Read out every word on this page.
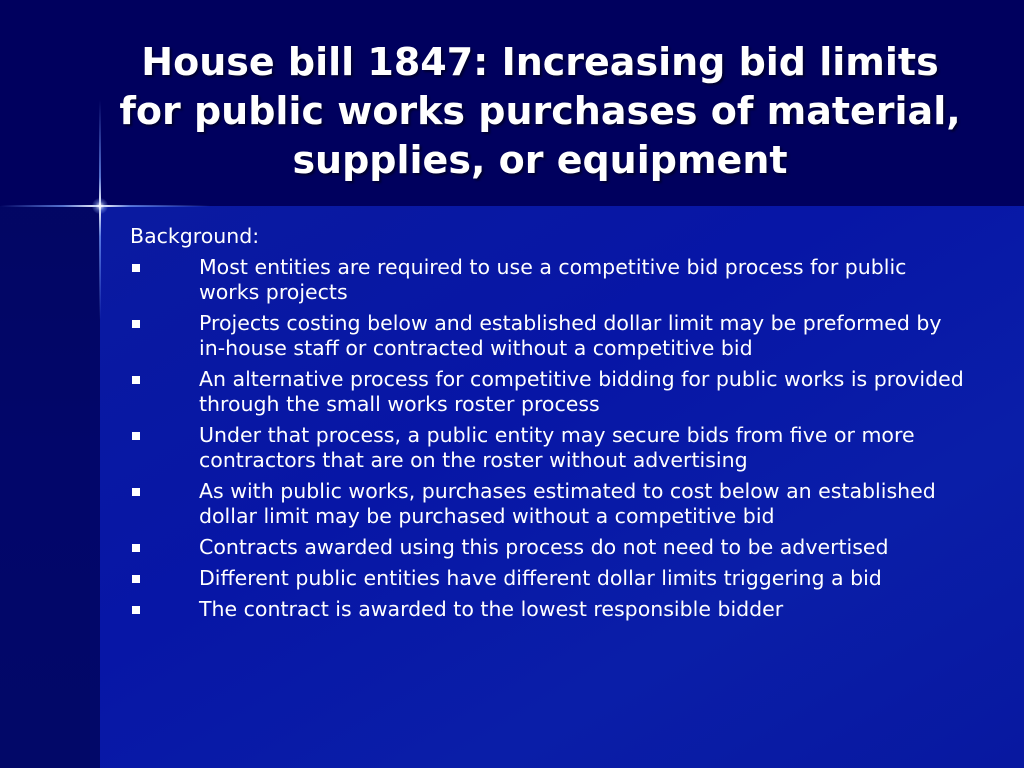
House bill 1847: Increasing bid limits for public works purchases of material, supplies, or equipment

Background:

Most entities are required to use a competitive bid process for public works projects
Projects costing below and established dollar limit may be preformed by in-house staff or contracted without a competitive bid
An alternative process for competitive bidding for public works is provided through the small works roster process
Under that process, a public entity may secure bids from five or more contractors that are on the roster without advertising
As with public works, purchases estimated to cost below an established dollar limit may be purchased without a competitive bid
Contracts awarded using this process do not need to be advertised
Different public entities have different dollar limits triggering a bid
The contract is awarded to the lowest responsible bidder
